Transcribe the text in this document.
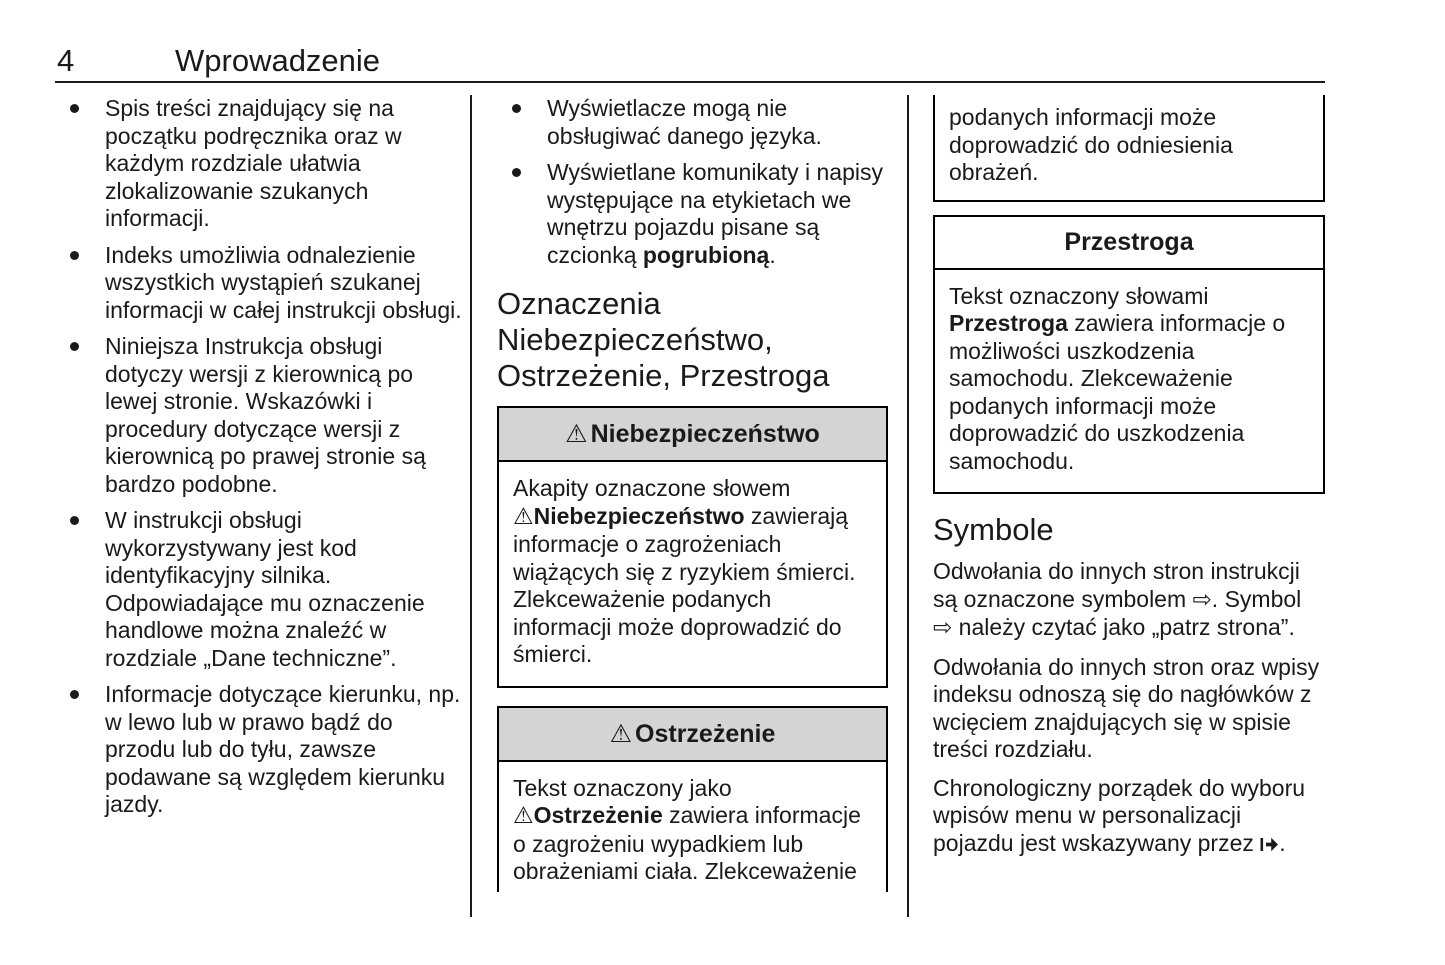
4	Wprowadzenie
Spis treści znajdujący się na początku podręcznika oraz w każdym rozdziale ułatwia zlokalizowanie szukanych informacji.
Indeks umożliwia odnalezienie wszystkich wystąpień szukanej informacji w całej instrukcji obsługi.
Niniejsza Instrukcja obsługi dotyczy wersji z kierownicą po lewej stronie. Wskazówki i procedury dotyczące wersji z kierownicą po prawej stronie są bardzo podobne.
W instrukcji obsługi wykorzystywany jest kod identyfikacyjny silnika. Odpowiadające mu oznaczenie handlowe można znaleźć w rozdziale „Dane techniczne”.
Informacje dotyczące kierunku, np. w lewo lub w prawo bądź do przodu lub do tyłu, zawsze podawane są względem kierunku jazdy.
Wyświetlacze mogą nie obsługiwać danego języka.
Wyświetlane komunikaty i napisy występujące na etykietach we wnętrzu pojazdu pisane są czcionką pogrubioną.
Oznaczenia Niebezpieczeństwo, Ostrzeżenie, Przestroga
⚠ Niebezpieczeństwo
Akapity oznaczone słowem ⚠Niebezpieczeństwo zawierają informacje o zagrożeniach wiążących się z ryzykiem śmierci. Zlekceważenie podanych informacji może doprowadzić do śmierci.
⚠ Ostrzeżenie
Tekst oznaczony jako ⚠Ostrzeżenie zawiera informacje o zagrożeniu wypadkiem lub obrażeniami ciała. Zlekceważenie
podanych informacji może doprowadzić do odniesienia obrażeń.
Przestroga
Tekst oznaczony słowami Przestroga zawiera informacje o możliwości uszkodzenia samochodu. Zlekceważenie podanych informacji może doprowadzić do uszkodzenia samochodu.
Symbole

Odwołania do innych stron instrukcji są oznaczone symbolem ⇨. Symbol ⇨ należy czytać jako „patrz strona”.

Odwołania do innych stron oraz wpisy indeksu odnoszą się do nagłówków z wcięciem znajdujących się w spisie treści rozdziału.

Chronologiczny porządek do wyboru wpisów menu w personalizacji pojazdu jest wskazywany przez .
